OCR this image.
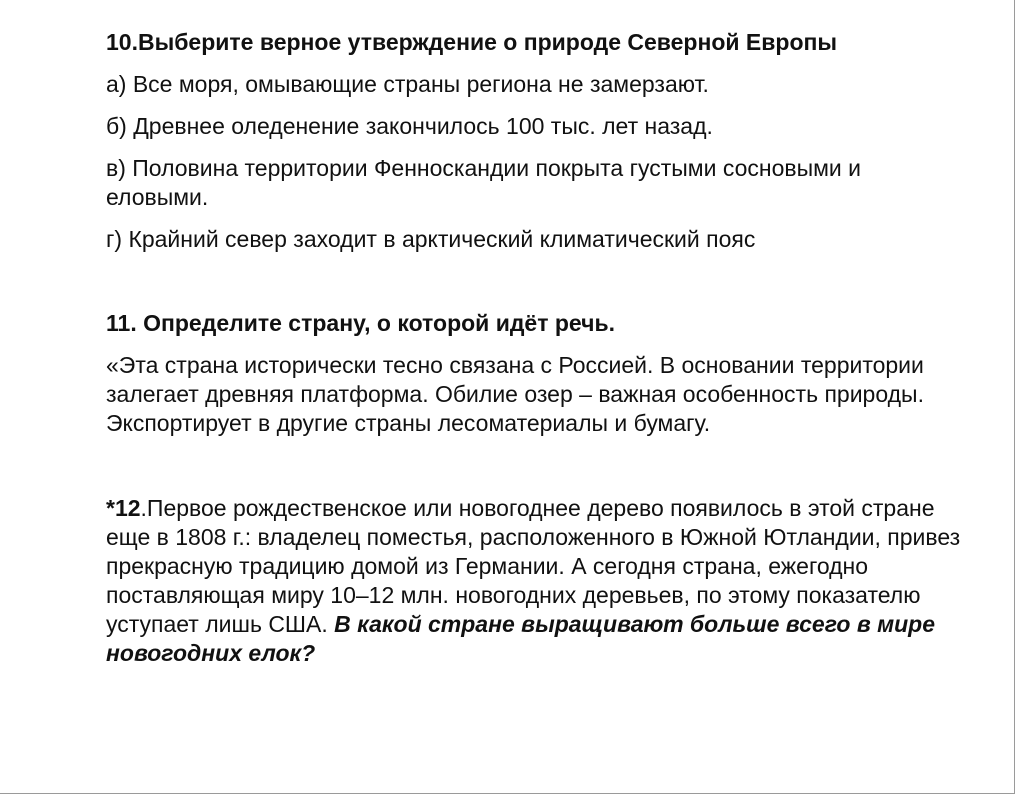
10.Выберите верное утверждение о природе Северной Европы

а) Все моря, омывающие страны региона не замерзают.

б) Древнее оледенение закончилось 100 тыс. лет назад.

в) Половина территории Фенноскандии покрыта густыми сосновыми и еловыми.

г) Крайний север заходит в арктический климатический пояс

11. Определите страну, о которой идёт речь.

«Эта страна исторически тесно связана с Россией. В основании территории залегает древняя платформа. Обилие озер – важная особенность природы. Экспортирует в другие страны лесоматериалы и бумагу.

*12.Первое рождественское или новогоднее дерево появилось в этой стране еще в 1808 г.: владелец поместья, расположенного в Южной Ютландии, привез прекрасную традицию домой из Германии. А сегодня страна, ежегодно поставляющая миру 10–12 млн. новогодних деревьев, по этому показателю уступает лишь США. В какой стране выращивают больше всего в мире новогодних елок?
